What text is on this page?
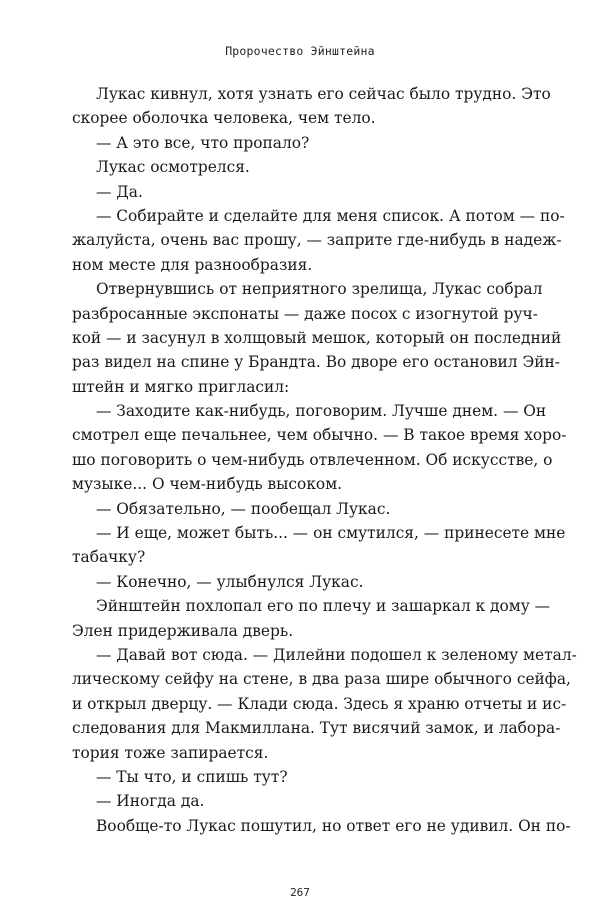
Пророчество Эйнштейна
Лукас кивнул, хотя узнать его сейчас было трудно. Это
скорее оболочка человека, чем тело.
— А это все, что пропало?
Лукас осмотрелся.
— Да.
— Собирайте и сделайте для меня список. А потом — по-
жалуйста, очень вас прошу, — заприте где-нибудь в надеж-
ном месте для разнообразия.
Отвернувшись от неприятного зрелища, Лукас собрал
разбросанные экспонаты — даже посох с изогнутой руч-
кой — и засунул в холщовый мешок, который он последний
раз видел на спине у Брандта. Во дворе его остановил Эйн-
штейн и мягко пригласил:
— Заходите как-нибудь, поговорим. Лучше днем. — Он
смотрел еще печальнее, чем обычно. — В такое время хоро-
шо поговорить о чем-нибудь отвлеченном. Об искусстве, о
музыке... О чем-нибудь высоком.
— Обязательно, — пообещал Лукас.
— И еще, может быть... — он смутился, — принесете мне
табачку?
— Конечно, — улыбнулся Лукас.
Эйнштейн похлопал его по плечу и зашаркал к дому —
Элен придерживала дверь.
— Давай вот сюда. — Дилейни подошел к зеленому метал-
лическому сейфу на стене, в два раза шире обычного сейфа,
и открыл дверцу. — Клади сюда. Здесь я храню отчеты и ис-
следования для Макмиллана. Тут висячий замок, и лабора-
тория тоже запирается.
— Ты что, и спишь тут?
— Иногда да.
Вообще-то Лукас пошутил, но ответ его не удивил. Он по-
267
